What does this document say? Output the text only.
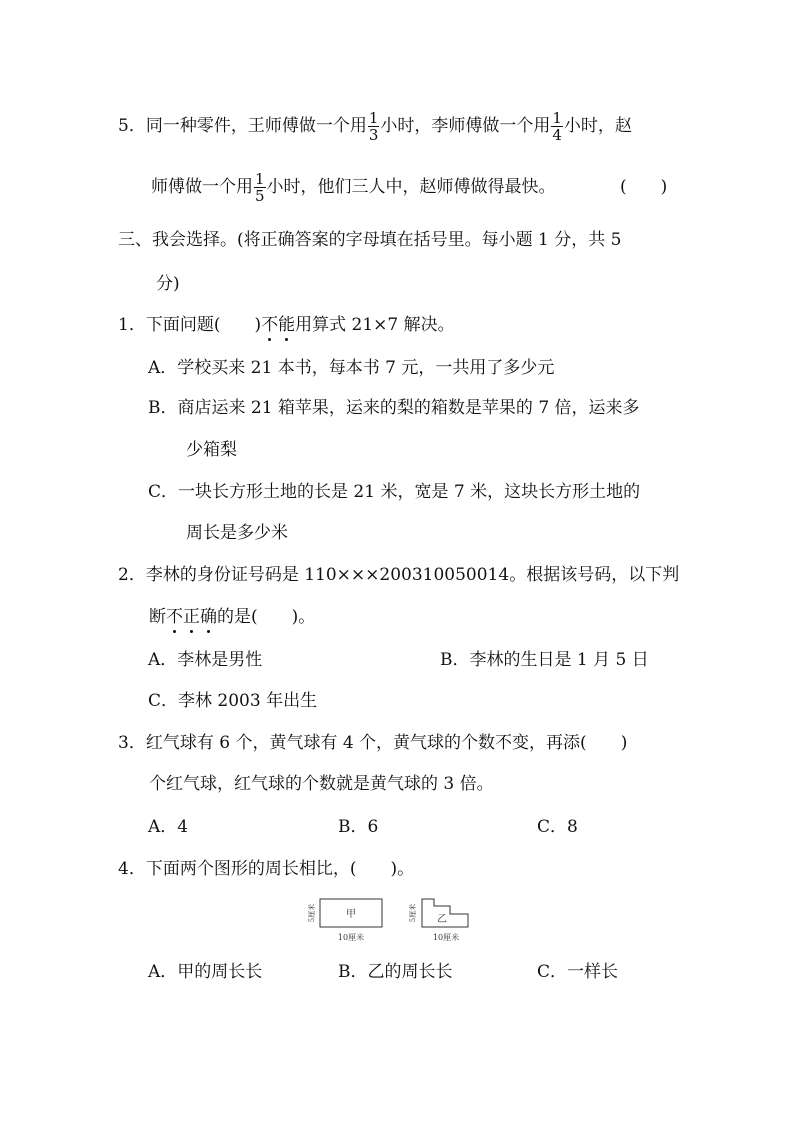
5．同一种零件，王师傅做一个用 $\frac{1}{3}$ 小时，李师傅做一个用 $\frac{1}{4}$ 小时，赵
师傅做一个用 $\frac{1}{5}$ 小时，他们三人中，赵师傅做得最快。	(　　)
三、我会选择。(将正确答案的字母填在括号里。每小题 1 分，共 5
分)
1．下面问题(　　)不能用算式 21×7 解决。
A．学校买来 21 本书，每本书 7 元，一共用了多少元
B．商店运来 21 箱苹果，运来的梨的箱数是苹果的 7 倍，运来多
少箱梨
C．一块长方形土地的长是 21 米，宽是 7 米，这块长方形土地的
周长是多少米
2．李林的身份证号码是 110×××200310050014。根据该号码，以下判
断不正确的是(　　)。
A．李林是男性	B．李林的生日是 1 月 5 日
C．李林 2003 年出生
3．红气球有 6 个，黄气球有 4 个，黄气球的个数不变，再添(　　)
个红气球，红气球的个数就是黄气球的 3 倍。
A．4	B．6	C．8
4．下面两个图形的周长相比，(　　)。
甲
5厘米
10厘米
乙
5厘米
10厘米
A．甲的周长长	B．乙的周长长	C．一样长
